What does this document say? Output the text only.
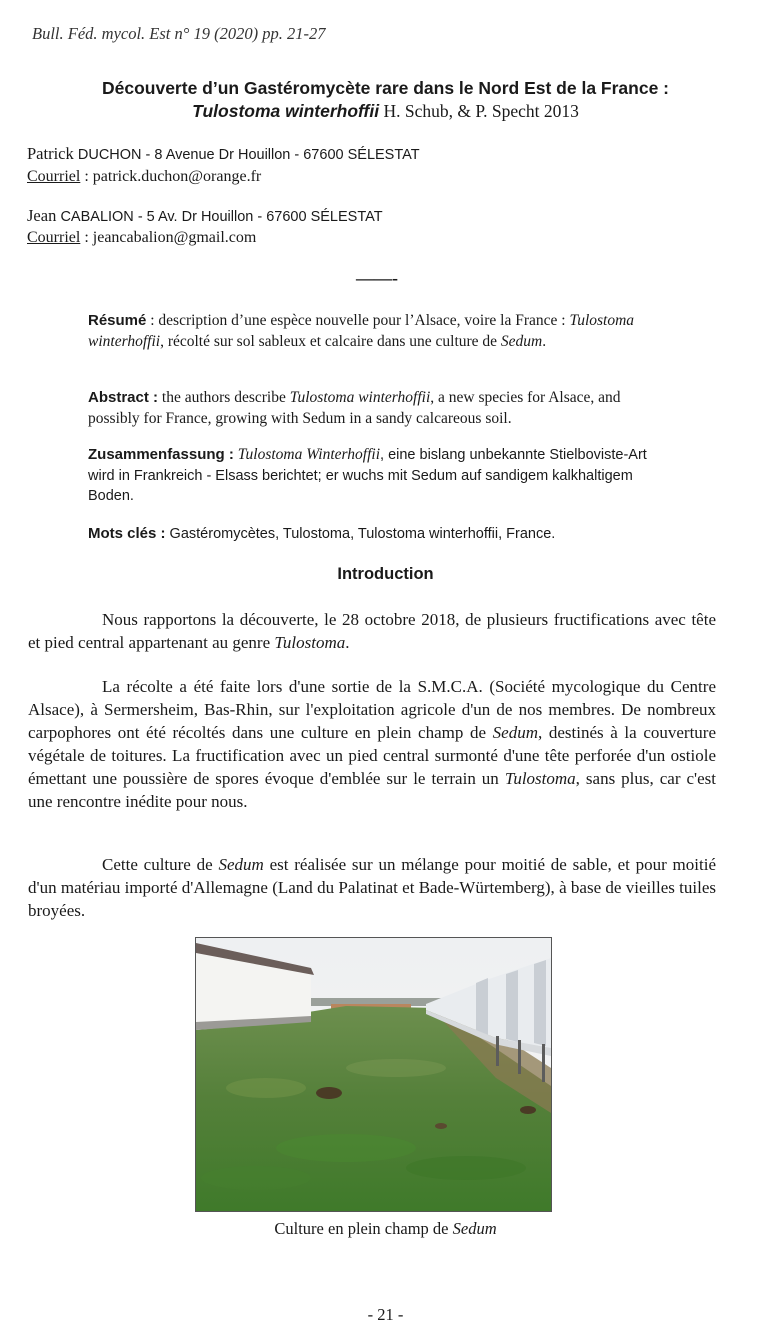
Bull. Féd. mycol. Est n° 19 (2020) pp. 21-27
Découverte d’un Gastéromycète rare dans le Nord Est de la France :
Tulostoma winterhoffii H. Schub, & P. Specht 2013
Patrick DUCHON - 8 Avenue Dr Houillon - 67600 SÉLESTAT
Courriel : patrick.duchon@orange.fr
Jean CABALION - 5 Av. Dr Houillon - 67600 SÉLESTAT
Courriel : jeancabalion@gmail.com
——-
Résumé : description d’une espèce nouvelle pour l’Alsace, voire la France : Tulostoma winterhoffii, récolté sur sol sableux et calcaire dans une culture de Sedum.
Abstract : the authors describe Tulostoma winterhoffii, a new species for Alsace, and possibly for France, growing with Sedum in a sandy calcareous soil.
Zusammenfassung : Tulostoma Winterhoffii, eine bislang unbekannte Stielboviste-Art wird in Frankreich - Elsass berichtet; er wuchs mit Sedum auf sandigem kalkhaltigem Boden.
Mots clés : Gastéromycètes, Tulostoma, Tulostoma winterhoffii, France.
Introduction
Nous rapportons la découverte, le 28 octobre 2018, de plusieurs fructifications avec tête et pied central appartenant au genre Tulostoma.
La récolte a été faite lors d'une sortie de la S.M.C.A. (Société mycologique du Centre Alsace), à Sermersheim, Bas-Rhin, sur l'exploitation agricole d'un de nos membres. De nombreux carpophores ont été récoltés dans une culture en plein champ de Sedum, destinés à la couverture végétale de toitures. La fructification avec un pied central surmonté d'une tête perforée d'un ostiole émettant une poussière de spores évoque d'emblée sur le terrain un Tulostoma, sans plus, car c'est une rencontre inédite pour nous.
Cette culture de Sedum est réalisée sur un mélange pour moitié de sable, et pour moitié d'un matériau importé d'Allemagne (Land du Palatinat et Bade-Würtemberg), à base de vieilles tuiles broyées.
Culture en plein champ de Sedum
- 21 -
